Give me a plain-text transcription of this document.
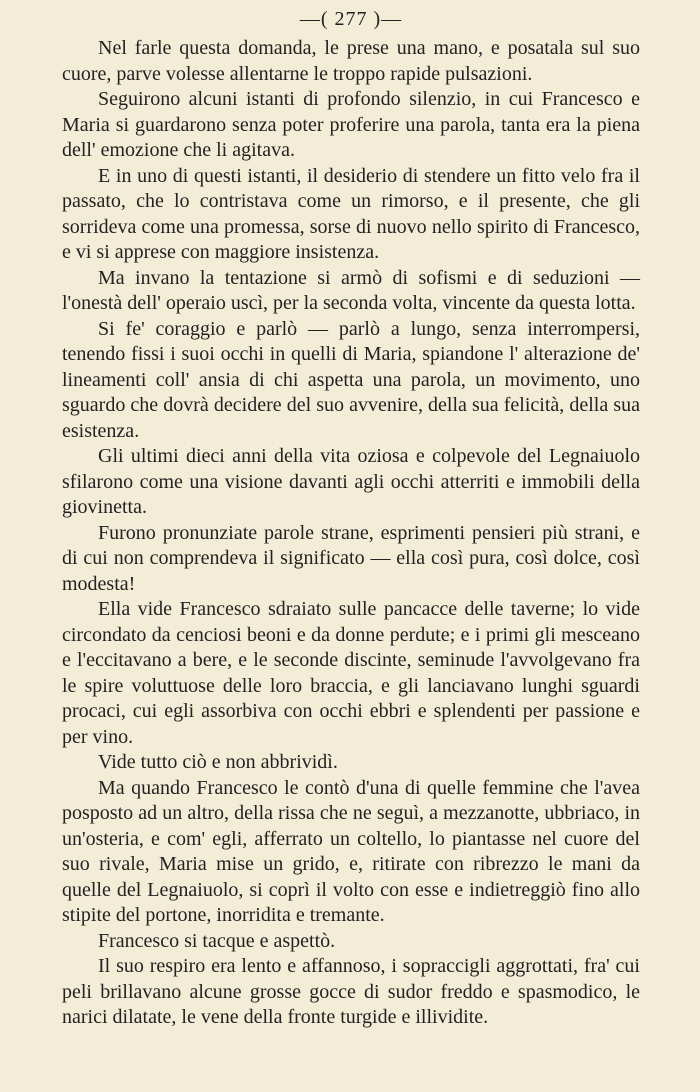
—( 277 )—

Nel farle questa domanda, le prese una mano, e posatala sul suo cuore, parve volesse allentarne le troppo rapide pulsazioni.

Seguirono alcuni istanti di profondo silenzio, in cui Francesco e Maria si guardarono senza poter proferire una parola, tanta era la piena dell' emozione che li agitava.

E in uno di questi istanti, il desiderio di stendere un fitto velo fra il passato, che lo contristava come un rimorso, e il presente, che gli sorrideva come una promessa, sorse di nuovo nello spirito di Francesco, e vi si apprese con maggiore insistenza.

Ma invano la tentazione si armò di sofismi e di seduzioni — l'onestà dell' operaio uscì, per la seconda volta, vincente da questa lotta.

Si fe' coraggio e parlò — parlò a lungo, senza interrompersi, tenendo fissi i suoi occhi in quelli di Maria, spiandone l' alterazione de' lineamenti coll' ansia di chi aspetta una parola, un movimento, uno sguardo che dovrà decidere del suo avvenire, della sua felicità, della sua esistenza.

Gli ultimi dieci anni della vita oziosa e colpevole del Legnaiuolo sfilarono come una visione davanti agli occhi atterriti e immobili della giovinetta.

Furono pronunziate parole strane, esprimenti pensieri più strani, e di cui non comprendeva il significato — ella così pura, così dolce, così modesta!

Ella vide Francesco sdraiato sulle pancacce delle taverne; lo vide circondato da cenciosi beoni e da donne perdute; e i primi gli mesceano e l'eccitavano a bere, e le seconde discinte, seminude l'avvolgevano fra le spire voluttuose delle loro braccia, e gli lanciavano lunghi sguardi procaci, cui egli assorbiva con occhi ebbri e splendenti per passione e per vino.

Vide tutto ciò e non abbrividì.

Ma quando Francesco le contò d'una di quelle femmine che l'avea posposto ad un altro, della rissa che ne seguì, a mezzanotte, ubbriaco, in un'osteria, e com' egli, afferrato un coltello, lo piantasse nel cuore del suo rivale, Maria mise un grido, e, ritirate con ribrezzo le mani da quelle del Legnaiuolo, si coprì il volto con esse e indietreggiò fino allo stipite del portone, inorridita e tremante.

Francesco si tacque e aspettò.

Il suo respiro era lento e affannoso, i sopraccigli aggrottati, fra' cui peli brillavano alcune grosse gocce di sudor freddo e spasmodico, le narici dilatate, le vene della fronte turgide e illividite.
